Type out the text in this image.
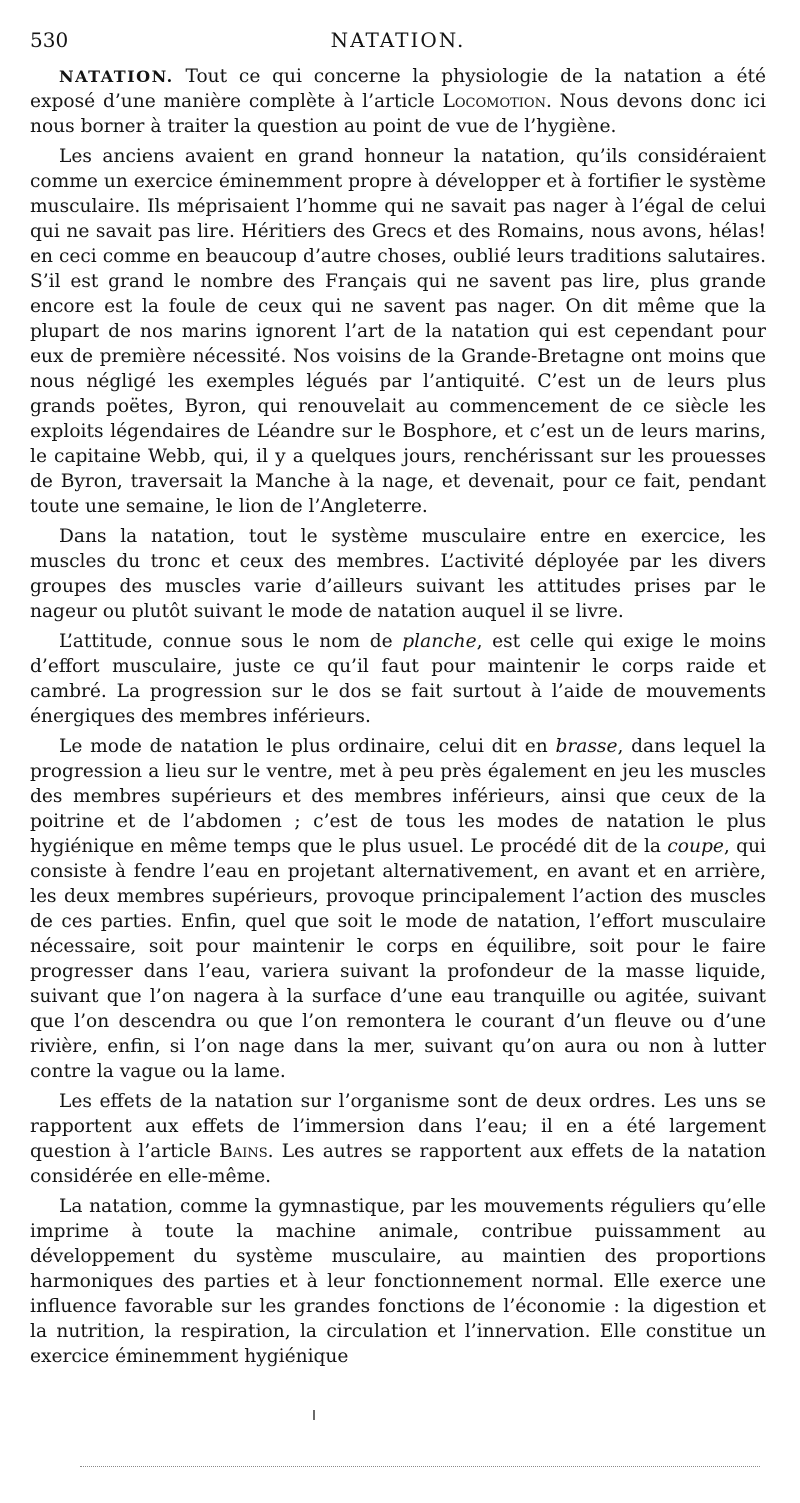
530	NATATION.

NATATION. Tout ce qui concerne la physiologie de la natation a été exposé d’une manière complète à l’article Locomotion. Nous devons donc ici nous borner à traiter la question au point de vue de l’hygiène.

Les anciens avaient en grand honneur la natation, qu’ils considéraient comme un exercice éminemment propre à développer et à fortifier le système musculaire. Ils méprisaient l’homme qui ne savait pas nager à l’égal de celui qui ne savait pas lire. Héritiers des Grecs et des Romains, nous avons, hélas! en ceci comme en beaucoup d’autre choses, oublié leurs traditions salutaires. S’il est grand le nombre des Français qui ne savent pas lire, plus grande encore est la foule de ceux qui ne savent pas nager. On dit même que la plupart de nos marins ignorent l’art de la natation qui est cependant pour eux de première nécessité. Nos voisins de la Grande-Bretagne ont moins que nous négligé les exemples légués par l’antiquité. C’est un de leurs plus grands poëtes, Byron, qui renouvelait au commencement de ce siècle les exploits légendaires de Léandre sur le Bosphore, et c’est un de leurs marins, le capitaine Webb, qui, il y a quelques jours, renchérissant sur les prouesses de Byron, traversait la Manche à la nage, et devenait, pour ce fait, pendant toute une semaine, le lion de l’Angleterre.

Dans la natation, tout le système musculaire entre en exercice, les muscles du tronc et ceux des membres. L’activité déployée par les divers groupes des muscles varie d’ailleurs suivant les attitudes prises par le nageur ou plutôt suivant le mode de natation auquel il se livre.

L’attitude, connue sous le nom de planche, est celle qui exige le moins d’effort musculaire, juste ce qu’il faut pour maintenir le corps raide et cambré. La progression sur le dos se fait surtout à l’aide de mouvements énergiques des membres inférieurs.

Le mode de natation le plus ordinaire, celui dit en brasse, dans lequel la progression a lieu sur le ventre, met à peu près également en jeu les muscles des membres supérieurs et des membres inférieurs, ainsi que ceux de la poitrine et de l’abdomen ; c’est de tous les modes de natation le plus hygiénique en même temps que le plus usuel. Le procédé dit de la coupe, qui consiste à fendre l’eau en projetant alternativement, en avant et en arrière, les deux membres supérieurs, provoque principalement l’action des muscles de ces parties. Enfin, quel que soit le mode de natation, l’effort musculaire nécessaire, soit pour maintenir le corps en équilibre, soit pour le faire progresser dans l’eau, variera suivant la profondeur de la masse liquide, suivant que l’on nagera à la surface d’une eau tranquille ou agitée, suivant que l’on descendra ou que l’on remontera le courant d’un fleuve ou d’une rivière, enfin, si l’on nage dans la mer, suivant qu’on aura ou non à lutter contre la vague ou la lame.

Les effets de la natation sur l’organisme sont de deux ordres. Les uns se rapportent aux effets de l’immersion dans l’eau; il en a été largement question à l’article Bains. Les autres se rapportent aux effets de la natation considérée en elle-même.

La natation, comme la gymnastique, par les mouvements réguliers qu’elle imprime à toute la machine animale, contribue puissamment au développement du système musculaire, au maintien des proportions harmoniques des parties et à leur fonctionnement normal. Elle exerce une influence favorable sur les grandes fonctions de l’économie : la digestion et la nutrition, la respiration, la circulation et l’innervation. Elle constitue un exercice éminemment hygiénique
